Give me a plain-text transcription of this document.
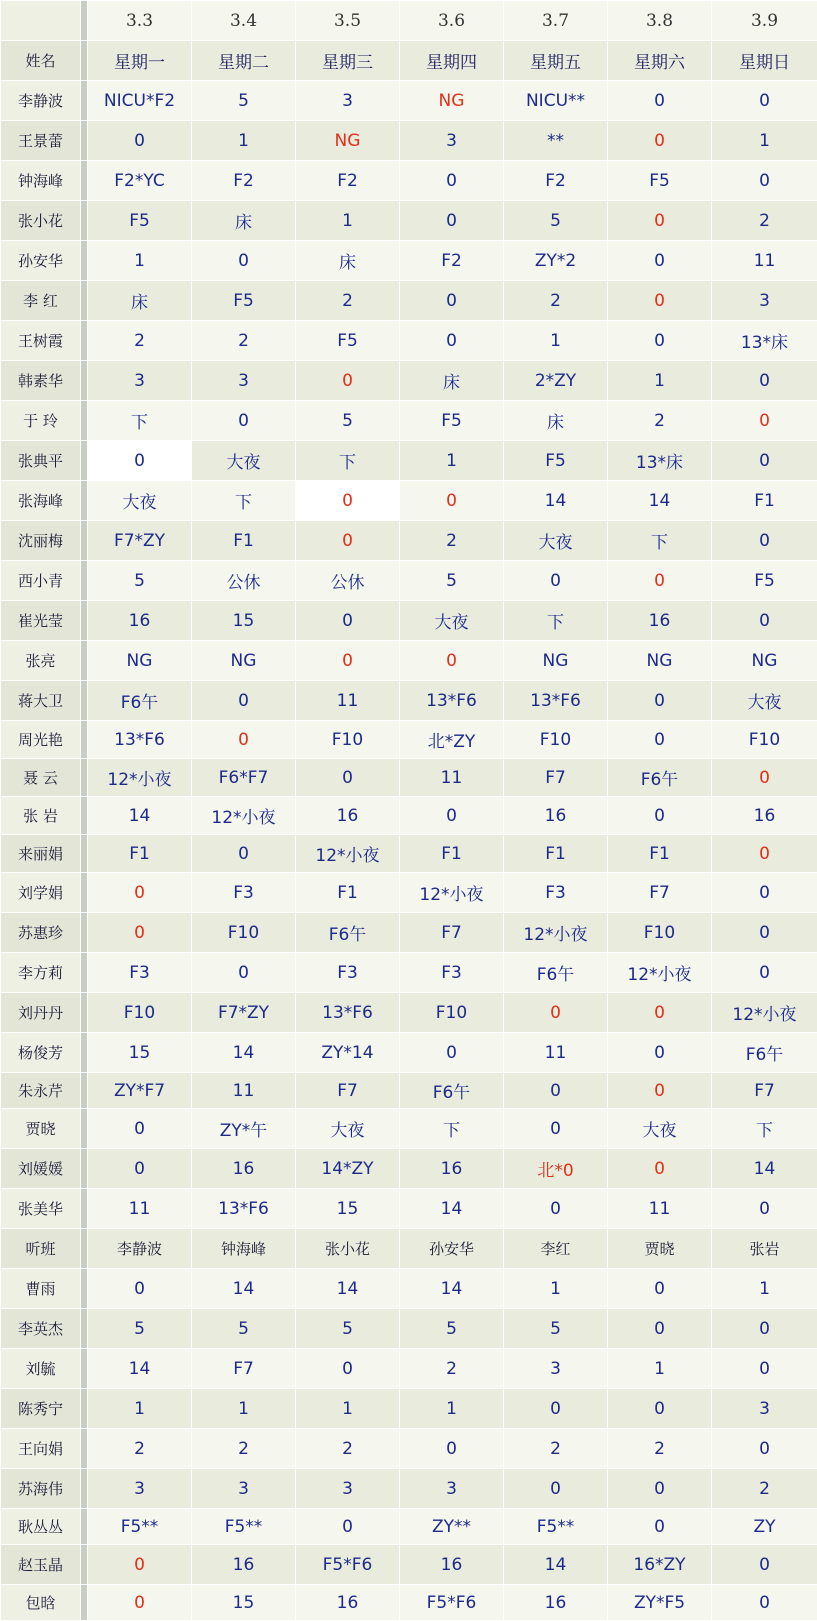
		3.3	3.4	3.5	3.6	3.7	3.8	3.9
姓名		星期一	星期二	星期三	星期四	星期五	星期六	星期日
李静波		NICU*F2	5	3	NG	NICU**	0	0
王景蕾		0	1	NG	3	**	0	1
钟海峰		F2*YC	F2	F2	0	F2	F5	0
张小花		F5	床	1	0	5	0	2
孙安华		1	0	床	F2	ZY*2	0	11
李 红		床	F5	2	0	2	0	3
王树霞		2	2	F5	0	1	0	13*床
韩素华		3	3	0	床	2*ZY	1	0
于 玲		下	0	5	F5	床	2	0
张典平		0	大夜	下	1	F5	13*床	0
张海峰		大夜	下	0	0	14	14	F1
沈丽梅		F7*ZY	F1	0	2	大夜	下	0
西小青		5	公休	公休	5	0	0	F5
崔光莹		16	15	0	大夜	下	16	0
张亮		NG	NG	0	0	NG	NG	NG
蒋大卫		F6午	0	11	13*F6	13*F6	0	大夜
周光艳		13*F6	0	F10	北*ZY	F10	0	F10
聂 云		12*小夜	F6*F7	0	11	F7	F6午	0
张 岩		14	12*小夜	16	0	16	0	16
来丽娟		F1	0	12*小夜	F1	F1	F1	0
刘学娟		0	F3	F1	12*小夜	F3	F7	0
苏惠珍		0	F10	F6午	F7	12*小夜	F10	0
李方莉		F3	0	F3	F3	F6午	12*小夜	0
刘丹丹		F10	F7*ZY	13*F6	F10	0	0	12*小夜
杨俊芳		15	14	ZY*14	0	11	0	F6午
朱永芹		ZY*F7	11	F7	F6午	0	0	F7
贾晓		0	ZY*午	大夜	下	0	大夜	下
刘媛媛		0	16	14*ZY	16	北*0	0	14
张美华		11	13*F6	15	14	0	11	0
听班		李静波	钟海峰	张小花	孙安华	李红	贾晓	张岩
曹雨		0	14	14	14	1	0	1
李英杰		5	5	5	5	5	0	0
刘毓		14	F7	0	2	3	1	0
陈秀宁		1	1	1	1	0	0	3
王向娟		2	2	2	0	2	2	0
苏海伟		3	3	3	3	0	0	2
耿丛丛		F5**	F5**	0	ZY**	F5**	0	ZY
赵玉晶		0	16	F5*F6	16	14	16*ZY	0
包晗		0	15	16	F5*F6	16	ZY*F5	0
